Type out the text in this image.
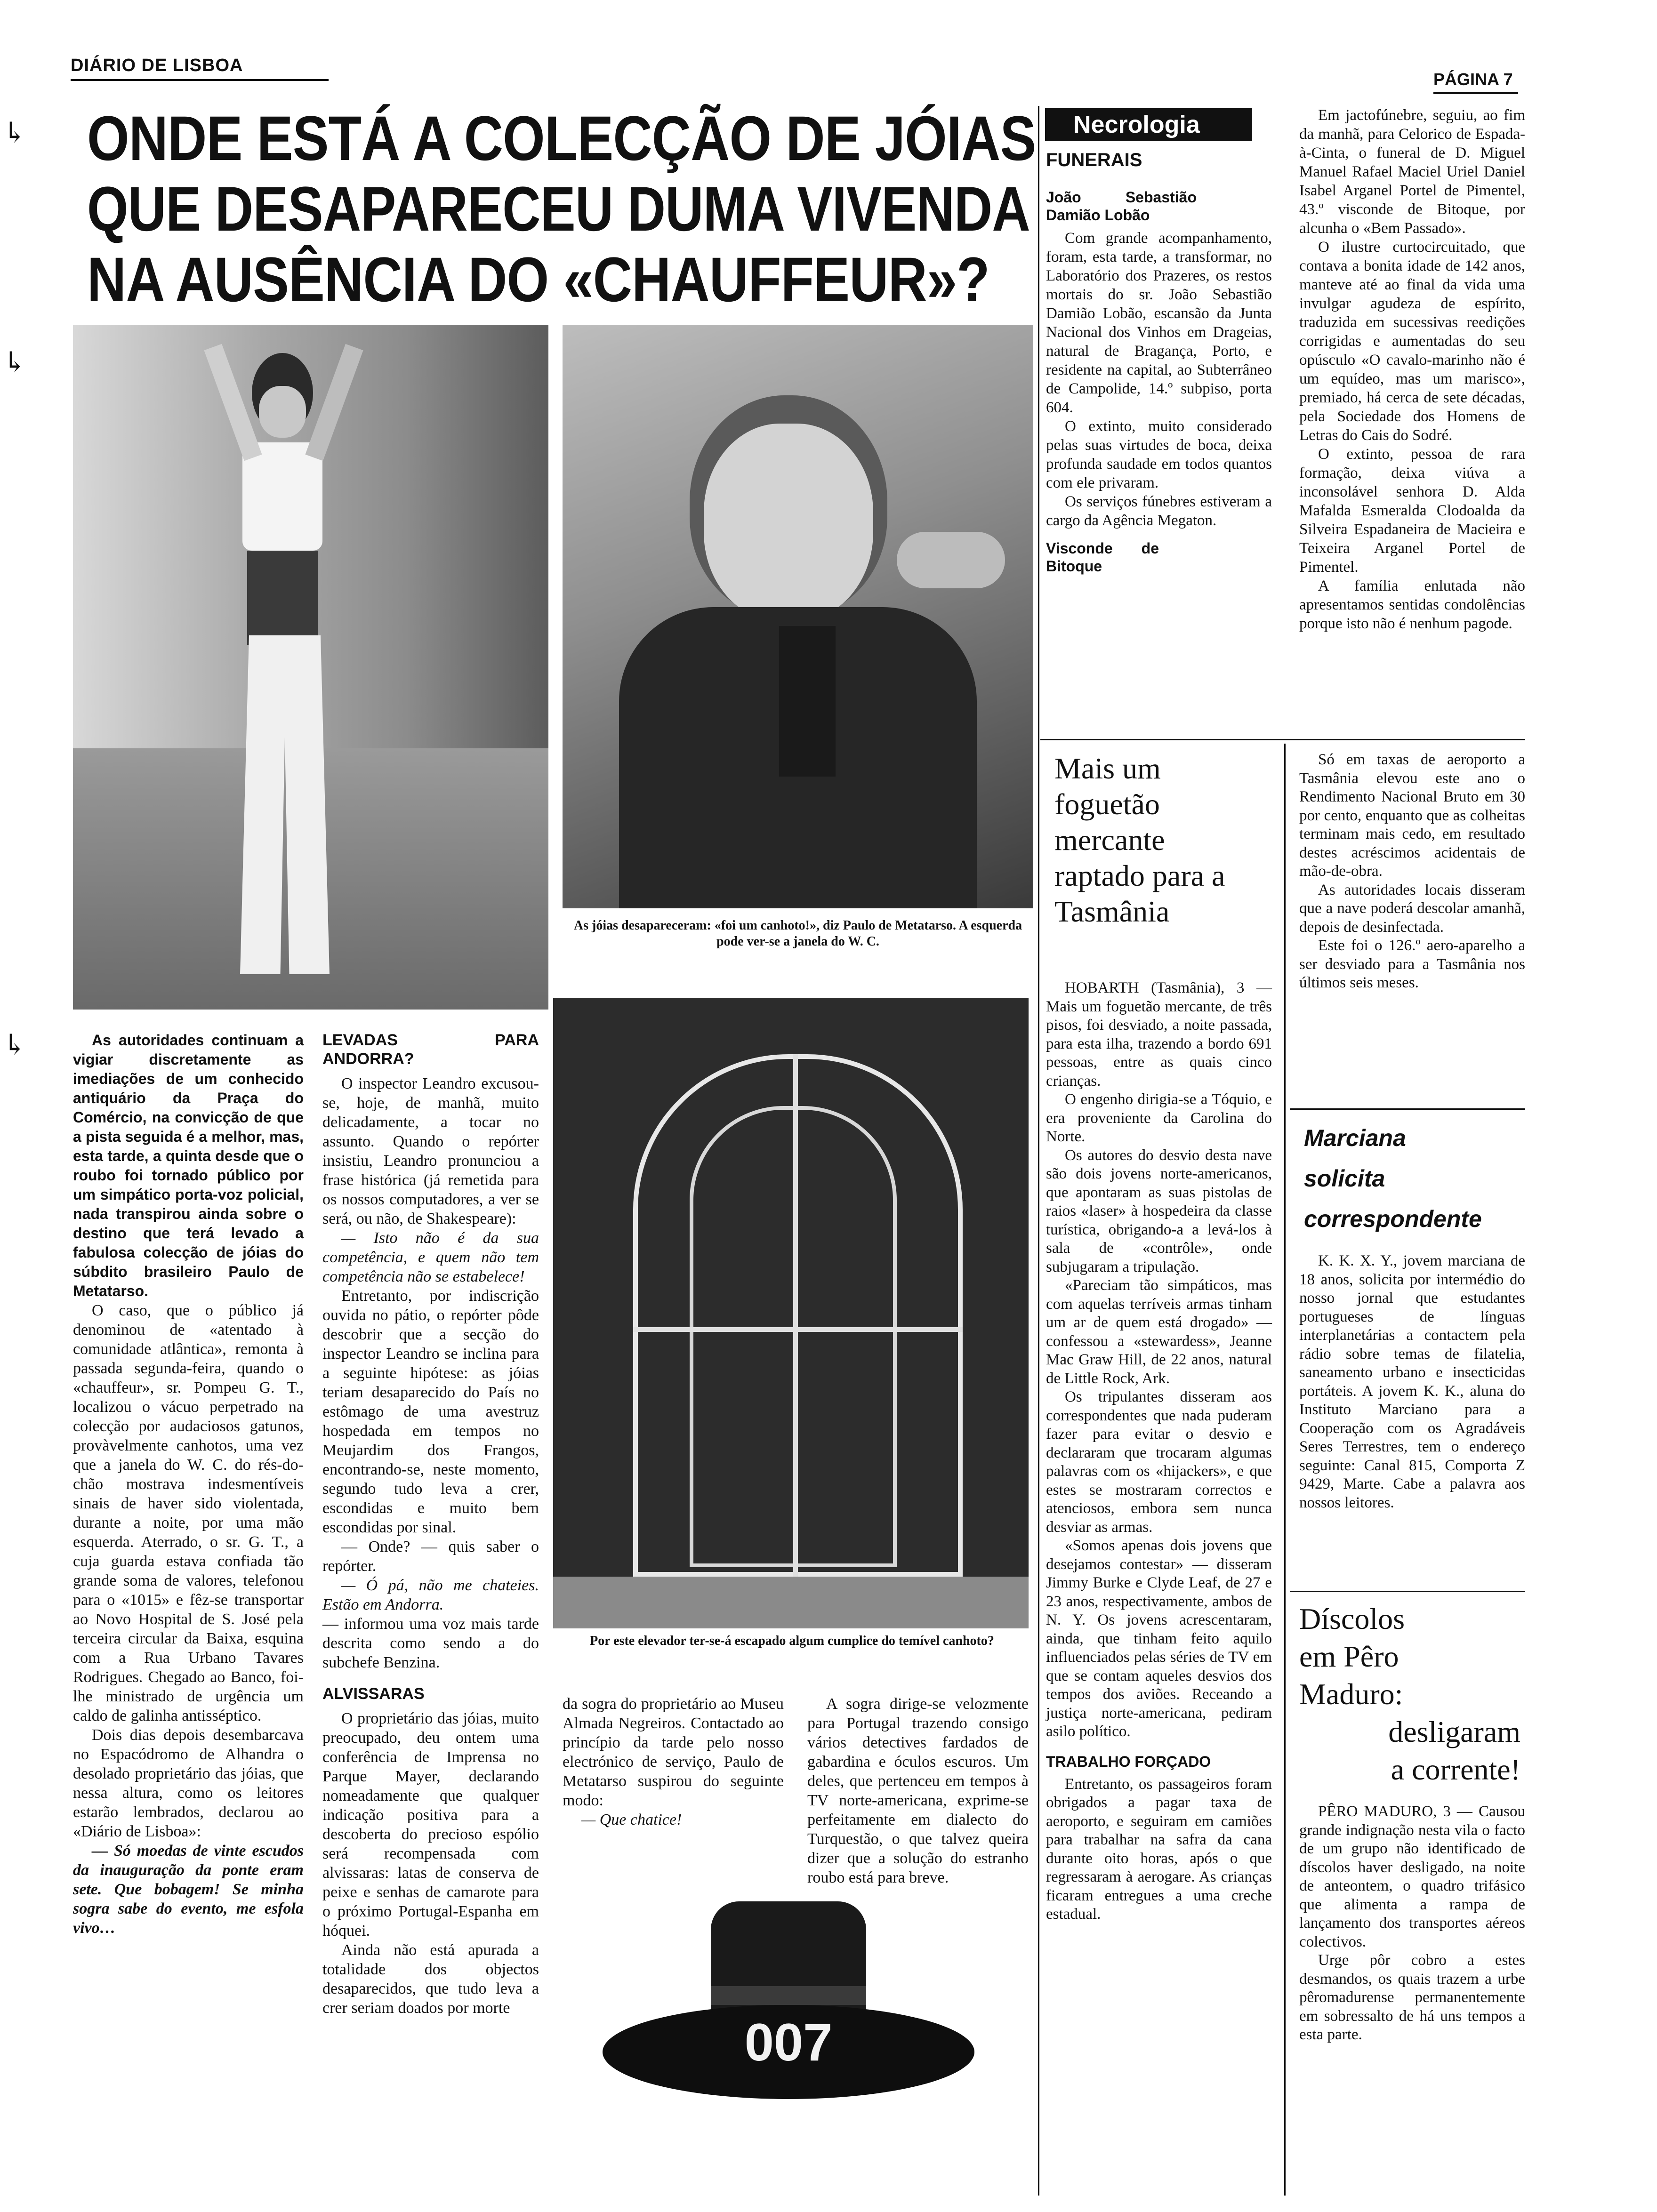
DIÁRIO DE LISBOA
PÁGINA 7
↳
↳
↳
ONDE ESTÁ A COLECÇÃO DE JÓIAS
QUE DESAPARECEU DUMA VIVENDA
NA AUSÊNCIA DO «CHAUFFEUR»?
As jóias desapareceram: «foi um canhoto!», diz Paulo de Metatarso. A esquerda pode ver-se a janela do W. C.
Por este elevador ter-se-á escapado algum cumplice do temível canhoto?

As autoridades continuam a vigiar discretamente as imediações de um conhecido antiquário da Praça do Comércio, na convicção de que a pista seguida é a melhor, mas, esta tarde, a quinta desde que o roubo foi tornado público por um simpático porta-voz policial, nada transpirou ainda sobre o destino que terá levado a fabulosa colecção de jóias do súbdito brasileiro Paulo de Metatarso.

O caso, que o público já denominou de «atentado à comunidade atlântica», remonta à passada segunda-feira, quando o «chauffeur», sr. Pompeu G. T., localizou o vácuo perpetrado na colecção por audaciosos gatunos, provàvelmente canhotos, uma vez que a janela do W. C. do rés-do-chão mostrava indesmentíveis sinais de haver sido violentada, durante a noite, por uma mão esquerda. Aterrado, o sr. G. T., a cuja guarda estava confiada tão grande soma de valores, telefonou para o «1015» e fêz-se transportar ao Novo Hospital de S. José pela terceira circular da Baixa, esquina com a Rua Urbano Tavares Rodrigues. Chegado ao Banco, foi-lhe ministrado de urgência um caldo de galinha antisséptico.

Dois dias depois desembarcava no Espacódromo de Alhandra o desolado proprietário das jóias, que nessa altura, como os leitores estarão lembrados, declarou ao «Diário de Lisboa»:

— Só moedas de vinte escudos da inauguração da ponte eram sete. Que bobagem! Se minha sogra sabe do evento, me esfola vivo…

LEVADAS PARA ANDORRA?

O inspector Leandro excusou-se, hoje, de manhã, muito delicadamente, a tocar no assunto. Quando o repórter insistiu, Leandro pronunciou a frase histórica (já remetida para os nossos computadores, a ver se será, ou não, de Shakespeare):

— Isto não é da sua competência, e quem não tem competência não se estabelece!

Entretanto, por indiscrição ouvida no pátio, o repórter pôde descobrir que a secção do inspector Leandro se inclina para a seguinte hipótese: as jóias teriam desaparecido do País no estômago de uma avestruz hospedada em tempos no Meujardim dos Frangos, encontrando-se, neste momento, segundo tudo leva a crer, escondidas e muito bem escondidas por sinal.

— Onde? — quis saber o repórter.

— Ó pá, não me chateies. Estão em Andorra.

— informou uma voz mais tarde descrita como sendo a do subchefe Benzina.

ALVISSARAS

O proprietário das jóias, muito preocupado, deu ontem uma conferência de Imprensa no Parque Mayer, declarando nomeadamente que qualquer indicação positiva para a descoberta do precioso espólio será recompensada com alvissaras: latas de conserva de peixe e senhas de camarote para o próximo Portugal-Espanha em hóquei.

Ainda não está apurada a totalidade dos objectos desaparecidos, que tudo leva a crer seriam doados por morte

da sogra do proprietário ao Museu Almada Negreiros. Contactado ao princípio da tarde pelo nosso electrónico de serviço, Paulo de Metatarso suspirou do seguinte modo:

— Que chatice!

A sogra dirige-se velozmente para Portugal trazendo consigo vários detectives fardados de gabardina e óculos escuros. Um deles, que pertenceu em tempos à TV norte-americana, exprime-se perfeitamente em dialecto do Turquestão, o que talvez queira dizer que a solução do estranho roubo está para breve.

007
Necrologia
FUNERAIS
João Sebastião Damião Lobão

Com grande acompanhamento, foram, esta tarde, a transformar, no Laboratório dos Prazeres, os restos mortais do sr. João Sebastião Damião Lobão, escansão da Junta Nacional dos Vinhos em Drageias, natural de Bragança, Porto, e residente na capital, ao Subterrâneo de Campolide, 14.º subpiso, porta 604.

O extinto, muito considerado pelas suas virtudes de boca, deixa profunda saudade em todos quantos com ele privaram.

Os serviços fúnebres estiveram a cargo da Agência Megaton.

Visconde de Bitoque

Em jactofúnebre, seguiu, ao fim da manhã, para Celorico de Espada-à-Cinta, o funeral de D. Miguel Manuel Rafael Maciel Uriel Daniel Isabel Arganel Portel de Pimentel, 43.º visconde de Bitoque, por alcunha o «Bem Passado».

O ilustre curtocircuitado, que contava a bonita idade de 142 anos, manteve até ao final da vida uma invulgar agudeza de espírito, traduzida em sucessivas reedições corrigidas e aumentadas do seu opúsculo «O cavalo-marinho não é um equídeo, mas um marisco», premiado, há cerca de sete décadas, pela Sociedade dos Homens de Letras do Cais do Sodré.

O extinto, pessoa de rara formação, deixa viúva a inconsolável senhora D. Alda Mafalda Esmeralda Clodoalda da Silveira Espadaneira de Macieira e Teixeira Arganel Portel de Pimentel.

A família enlutada não apresentamos sentidas condolências porque isto não é nenhum pagode.

Mais um foguetão mercante raptado para a Tasmânia

HOBARTH (Tasmânia), 3 — Mais um foguetão mercante, de três pisos, foi desviado, a noite passada, para esta ilha, trazendo a bordo 691 pessoas, entre as quais cinco crianças.

O engenho dirigia-se a Tóquio, e era proveniente da Carolina do Norte.

Os autores do desvio desta nave são dois jovens norte-americanos, que apontaram as suas pistolas de raios «laser» à hospedeira da classe turística, obrigando-a a levá-los à sala de «contrôle», onde subjugaram a tripulação.

«Pareciam tão simpáticos, mas com aquelas terríveis armas tinham um ar de quem está drogado» — confessou a «stewardess», Jeanne Mac Graw Hill, de 22 anos, natural de Little Rock, Ark.

Os tripulantes disseram aos correspondentes que nada puderam fazer para evitar o desvio e declararam que trocaram algumas palavras com os «hijackers», e que estes se mostraram correctos e atenciosos, embora sem nunca desviar as armas.

«Somos apenas dois jovens que desejamos contestar» — disseram Jimmy Burke e Clyde Leaf, de 27 e 23 anos, respectivamente, ambos de N. Y. Os jovens acrescentaram, ainda, que tinham feito aquilo influenciados pelas séries de TV em que se contam aqueles desvios dos tempos dos aviões. Receando a justiça norte-americana, pediram asilo político.

TRABALHO FORÇADO

Entretanto, os passageiros foram obrigados a pagar taxa de aeroporto, e seguiram em camiões para trabalhar na safra da cana durante oito horas, após o que regressaram à aerogare. As crianças ficaram entregues a uma creche estadual.

Só em taxas de aeroporto a Tasmânia elevou este ano o Rendimento Nacional Bruto em 30 por cento, enquanto que as colheitas terminam mais cedo, em resultado destes acréscimos acidentais de mão-de-obra.

As autoridades locais disseram que a nave poderá descolar amanhã, depois de desinfectada.

Este foi o 126.º aero-aparelho a ser desviado para a Tasmânia nos últimos seis meses.

Marciana
solicita
correspondente

K. K. X. Y., jovem marciana de 18 anos, solicita por intermédio do nosso jornal que estudantes portugueses de línguas interplanetárias a contactem pela rádio sobre temas de filatelia, saneamento urbano e insecticidas portáteis. A jovem K. K., aluna do Instituto Marciano para a Cooperação com os Agradáveis Seres Terrestres, tem o endereço seguinte: Canal 815, Comporta Z 9429, Marte. Cabe a palavra aos nossos leitores.

Díscolos
em Pêro
Maduro:
desligaram
a corrente!

PÊRO MADURO, 3 — Causou grande indignação nesta vila o facto de um grupo não identificado de díscolos haver desligado, na noite de anteontem, o quadro trifásico que alimenta a rampa de lançamento dos transportes aéreos colectivos.

Urge pôr cobro a estes desmandos, os quais trazem a urbe pêromadurense permanentemente em sobressalto de há uns tempos a esta parte.
